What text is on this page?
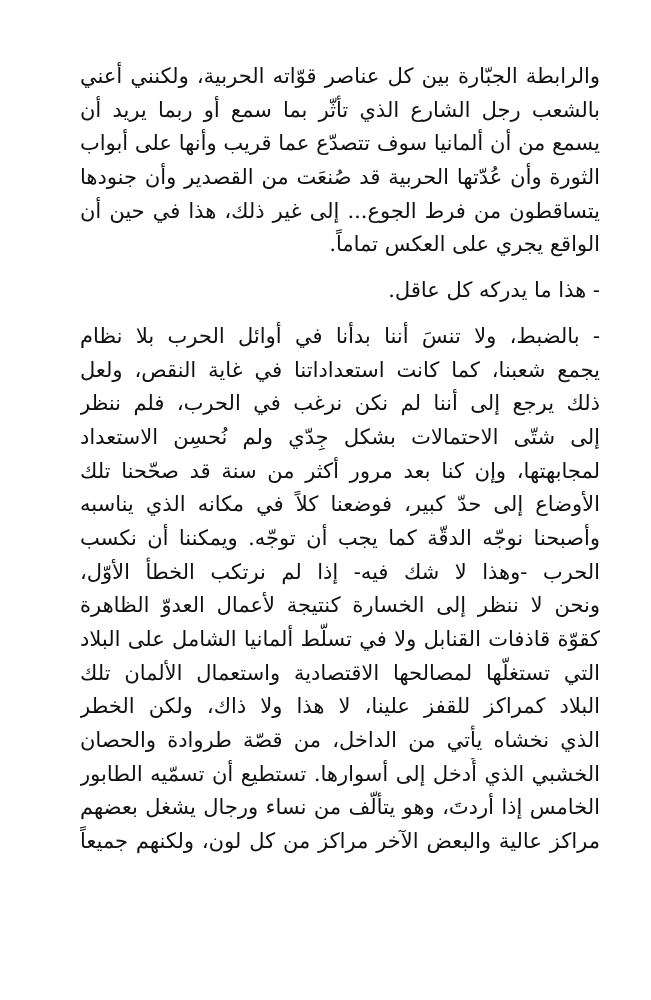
والرابطة الجبّارة بين كل عناصر قوّاته الحربية، ولكنني أعني
بالشعب رجل الشارع الذي تأثّر بما سمع أو ربما يريد أن
يسمع من أن ألمانيا سوف تتصدّع عما قريب وأنها على أبواب
الثورة وأن عُدّتها الحربية قد صُنعَت من القصدير وأن جنودها
يتساقطون من فرط الجوع... إلى غير ذلك، هذا في حين أن
الواقع يجري على العكس تماماً.
- هذا ما يدركه كل عاقل.
- بالضبط، ولا تنسَ أننا بدأنا في أوائل الحرب بلا نظام
يجمع شعبنا، كما كانت استعداداتنا في غاية النقص، ولعل
ذلك يرجع إلى أننا لم نكن نرغب في الحرب، فلم ننظر
إلى شتّى الاحتمالات بشكل جِدّي ولم نُحسِن الاستعداد
لمجابهتها، وإن كنا بعد مرور أكثر من سنة قد صحّحنا تلك
الأوضاع إلى حدّ كبير، فوضعنا كلاً في مكانه الذي يناسبه
وأصبحنا نوجّه الدقّة كما يجب أن توجّه. ويمكننا أن نكسب
الحرب -وهذا لا شك فيه- إذا لم نرتكب الخطأ الأوّل،
ونحن لا ننظر إلى الخسارة كنتيجة لأعمال العدوّ الظاهرة
كقوّة قاذفات القنابل ولا في تسلّط ألمانيا الشامل على البلاد
التي تستغلُّها لمصالحها الاقتصادية واستعمال الألمان تلك
البلاد كمراكز للقفز علينا، لا هذا ولا ذاك، ولكن الخطر
الذي نخشاه يأتي من الداخل، من قصّة طروادة والحصان
الخشبي الذي أُدخل إلى أسوارها. تستطيع أن تسمّيه الطابور
الخامس إذا أردتَ، وهو يتألّف من نساء ورجال يشغل بعضهم
مراكز عالية والبعض الآخر مراكز من كل لون، ولكنهم جميعاً
